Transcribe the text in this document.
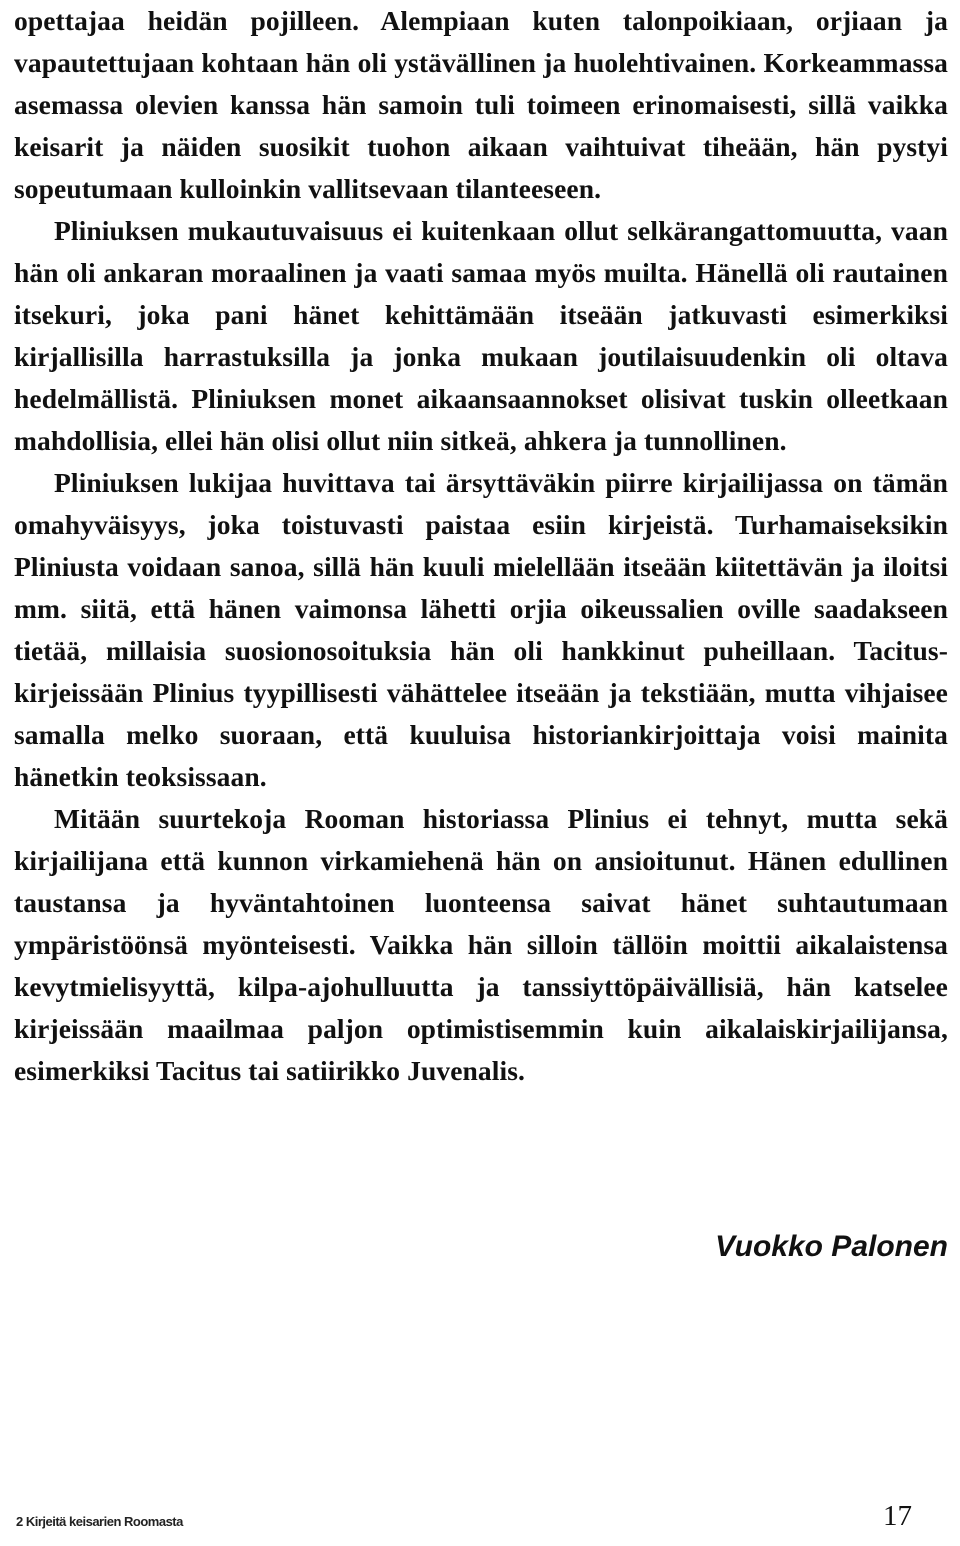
opettajaa heidän pojilleen. Alempiaan kuten talonpoikiaan, orjiaan ja vapautettujaan kohtaan hän oli ystävällinen ja huolehtivainen. Korkeammassa asemassa olevien kanssa hän samoin tuli toimeen erinomaisesti, sillä vaikka keisarit ja näiden suosikit tuohon aikaan vaihtuivat tiheään, hän pystyi sopeutumaan kulloinkin vallitsevaan tilanteeseen.

Pliniuksen mukautuvaisuus ei kuitenkaan ollut selkärangattomuutta, vaan hän oli ankaran moraalinen ja vaati samaa myös muilta. Hänellä oli rautainen itsekuri, joka pani hänet kehittämään itseään jatkuvasti esimerkiksi kirjallisilla harrastuksilla ja jonka mukaan joutilaisuudenkin oli oltava hedelmällistä. Pliniuksen monet aikaansaannokset olisivat tuskin olleetkaan mahdollisia, ellei hän olisi ollut niin sitkeä, ahkera ja tunnollinen.

Pliniuksen lukijaa huvittava tai ärsyttäväkin piirre kirjailijassa on tämän omahyväisyys, joka toistuvasti paistaa esiin kirjeistä. Turhamaiseksikin Pliniusta voidaan sanoa, sillä hän kuuli mielellään itseään kiitettävän ja iloitsi mm. siitä, että hänen vaimonsa lähetti orjia oikeussalien oville saadakseen tietää, millaisia suosionosoituksia hän oli hankkinut puheillaan. Tacitus-kirjeissään Plinius tyypillisesti vähättelee itseään ja tekstiään, mutta vihjaisee samalla melko suoraan, että kuuluisa historiankirjoittaja voisi mainita hänetkin teoksissaan.

Mitään suurtekoja Rooman historiassa Plinius ei tehnyt, mutta sekä kirjailijana että kunnon virkamiehenä hän on ansioitunut. Hänen edullinen taustansa ja hyväntahtoinen luonteensa saivat hänet suhtautumaan ympäristöönsä myönteisesti. Vaikka hän silloin tällöin moittii aikalaistensa kevytmielisyyttä, kilpa-ajohulluutta ja tanssiyttöpäivällisiä, hän katselee kirjeissään maailmaa paljon optimistisemmin kuin aikalaiskirjailijansa, esimerkiksi Tacitus tai satiirikko Juvenalis.

Vuokko Palonen
2 Kirjeitä keisarien Roomasta	17
